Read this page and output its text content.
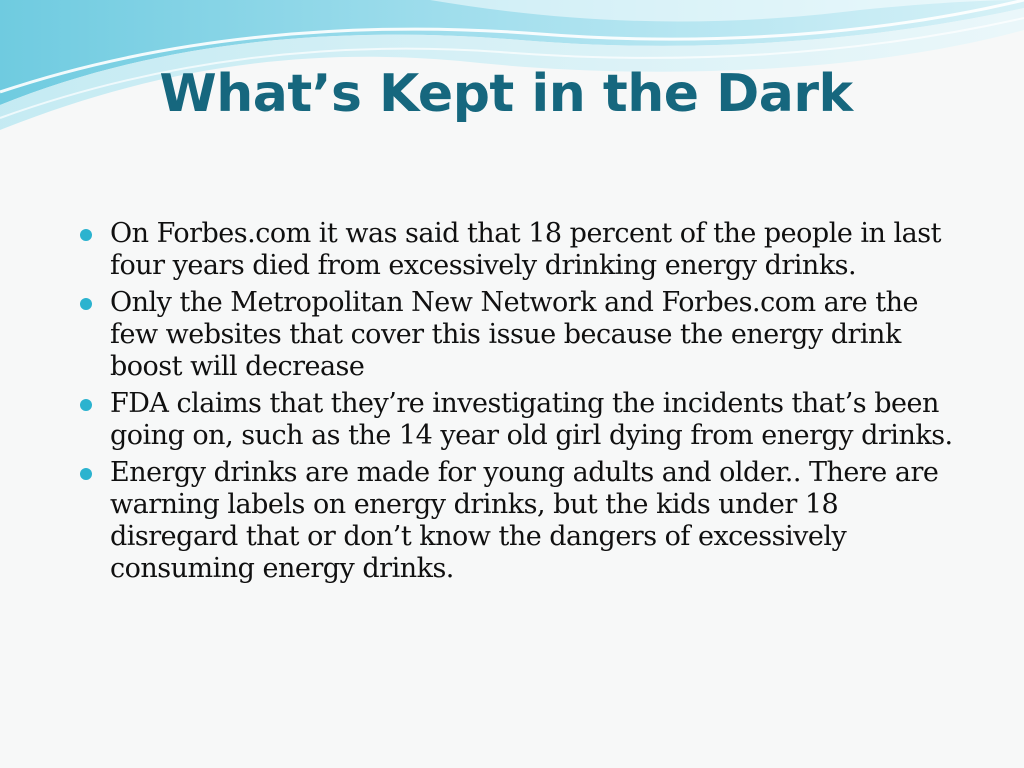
What’s Kept in the Dark
On Forbes.com it was said that 18 percent of the people in last four years died from excessively drinking energy drinks.
Only the Metropolitan New Network and Forbes.com are the few websites that cover this issue because the energy drink boost will decrease
FDA claims that they’re investigating the incidents that’s been going on, such as the 14 year old girl dying from energy drinks.
Energy drinks are made for young adults and older.. There are warning labels on energy drinks, but the kids under 18 disregard that or don’t know the dangers of excessively consuming energy drinks.
